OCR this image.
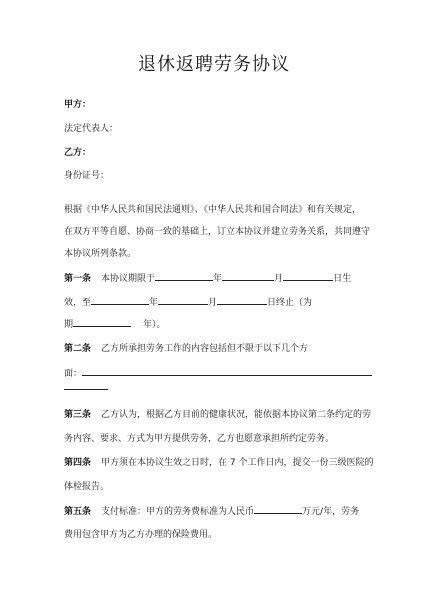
退休返聘劳务协议
甲方：
法定代表人：
乙方：
身份证号：
根据《中华人民共和国民法通则》、《中华人民共和国合同法》和有关规定，
在双方平等自愿、协商一致的基础上，订立本协议并建立劳务关系，共同遵守
本协议所列条款。
第一条 本协议期限于	年	月	日生
效，至	年	月	日终止（为
期	年）。
第二条 乙方所承担劳务工作的内容包括但不限于以下几个方
面：
第三条 乙方认为，根据乙方目前的健康状况，能依据本协议第二条约定的劳
务内容、要求、方式为甲方提供劳务，乙方也愿意承担所约定劳务。
第四条 甲方须在本协议生效之日时，在 7 个工作日内，提交一份三级医院的
体检报告。
第五条 支付标准：甲方的劳务费标准为人民币	万元/年，劳务
费用包含甲方为乙方办理的保险费用。
